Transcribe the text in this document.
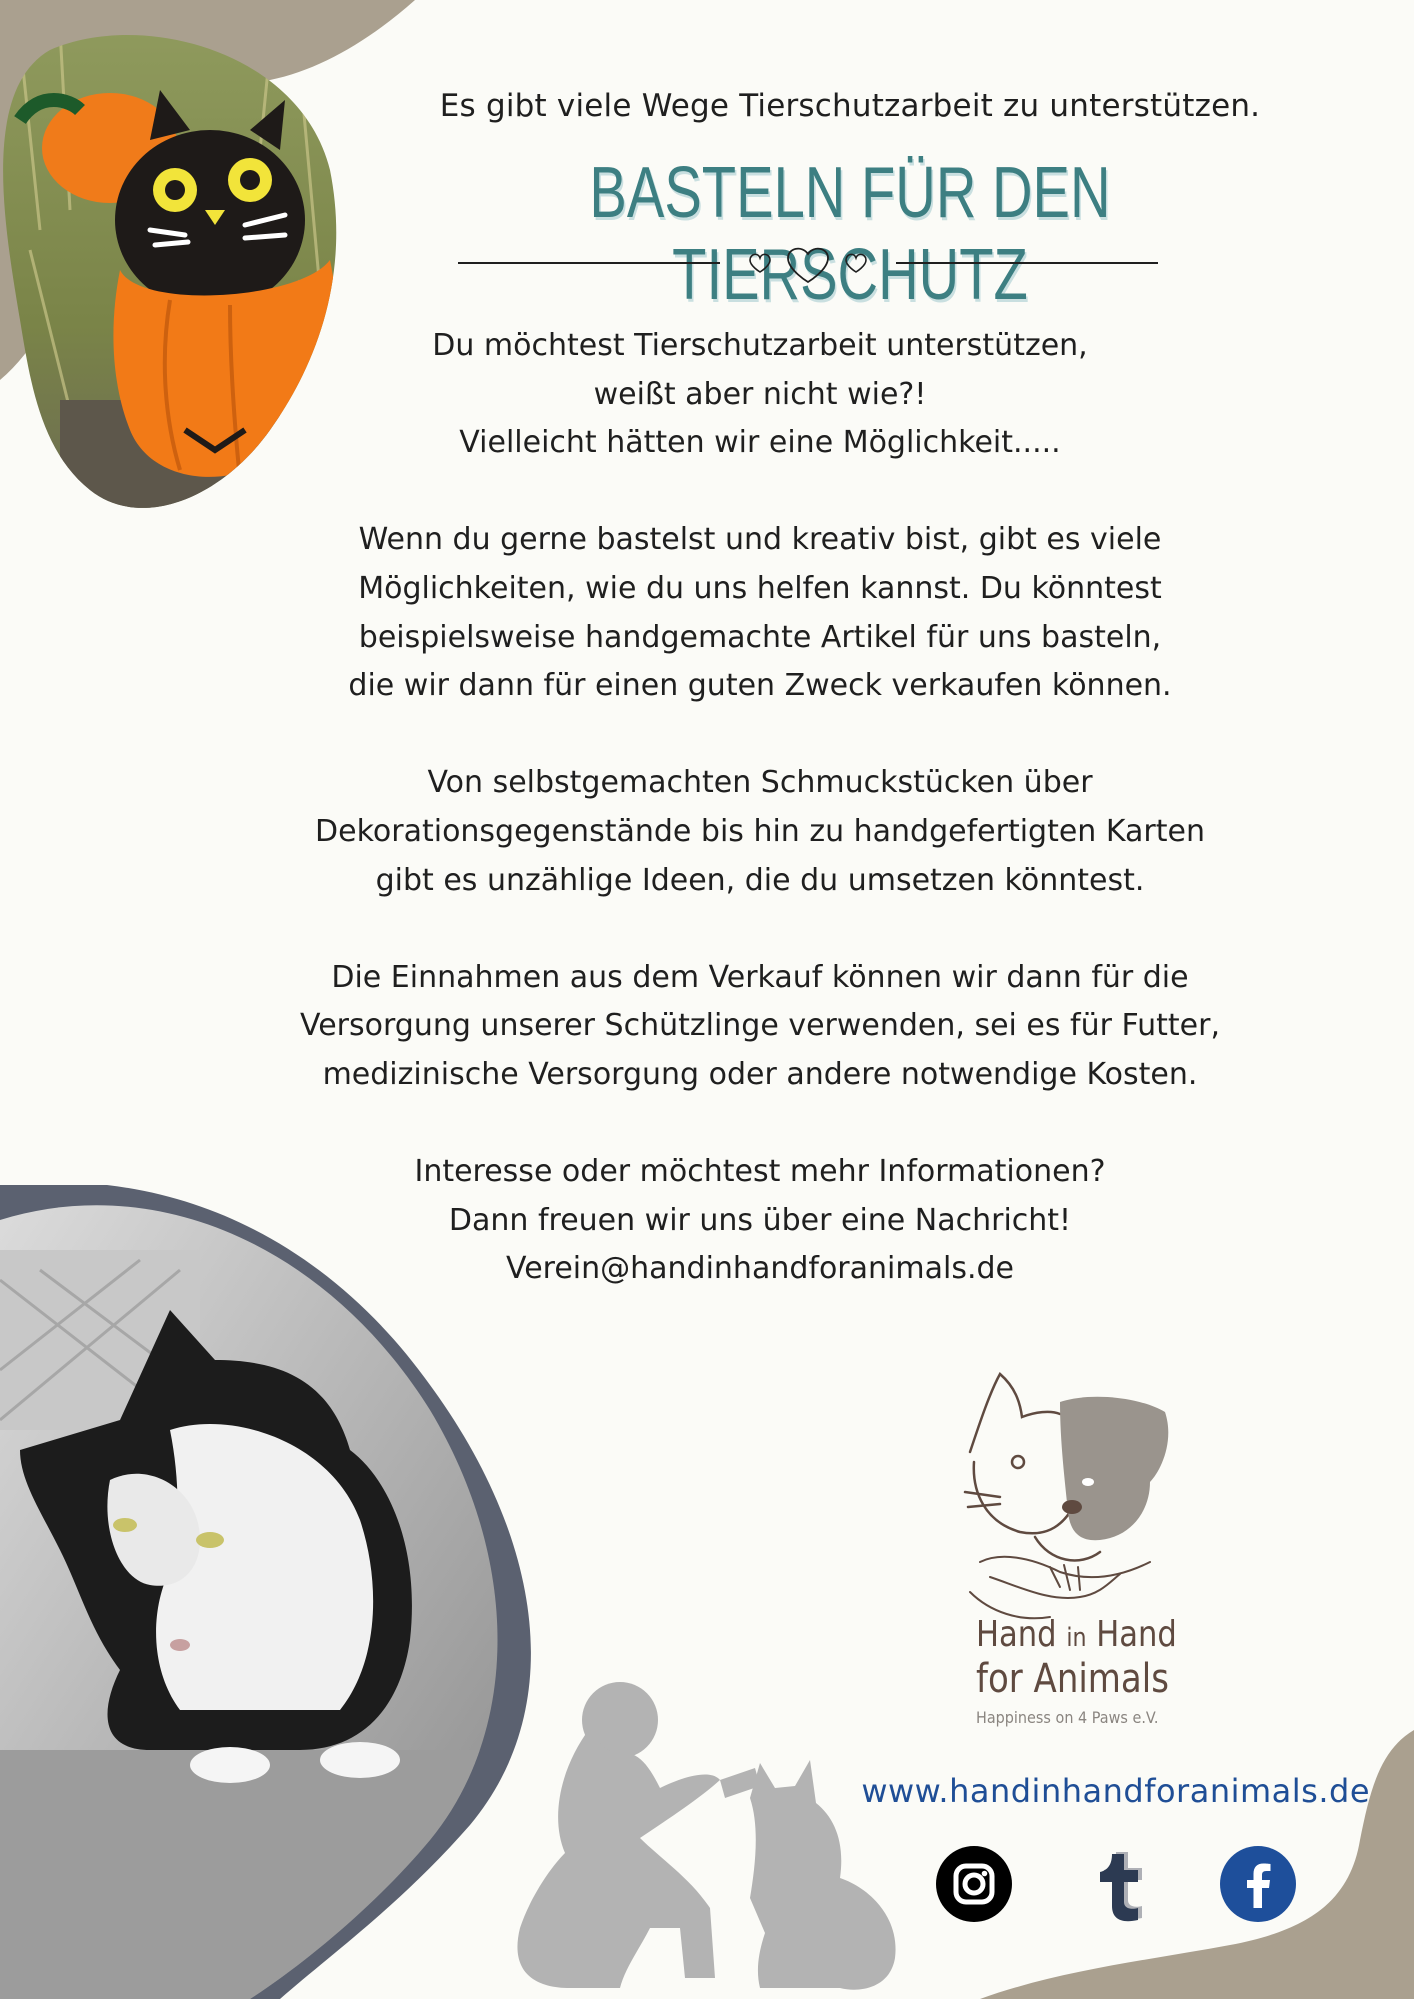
Es gibt viele Wege Tierschutzarbeit zu unterstützen.
BASTELN FÜR DEN TIERSCHUTZ

Du möchtest Tierschutzarbeit unterstützen,
weißt aber nicht wie?!
Vielleicht hätten wir eine Möglichkeit.....

Wenn du gerne bastelst und kreativ bist, gibt es viele
Möglichkeiten, wie du uns helfen kannst. Du könntest
beispielsweise handgemachte Artikel für uns basteln,
die wir dann für einen guten Zweck verkaufen können.

Von selbstgemachten Schmuckstücken über
Dekorationsgegenstände bis hin zu handgefertigten Karten
gibt es unzählige Ideen, die du umsetzen könntest.

Die Einnahmen aus dem Verkauf können wir dann für die
Versorgung unserer Schützlinge verwenden, sei es für Futter,
medizinische Versorgung oder andere notwendige Kosten.

Interesse oder möchtest mehr Informationen?
Dann freuen wir uns über eine Nachricht!
Verein@handinhandforanimals.de

Hand in Hand
for Animals
Happiness on 4 Paws e.V.
www.handinhandforanimals.de
